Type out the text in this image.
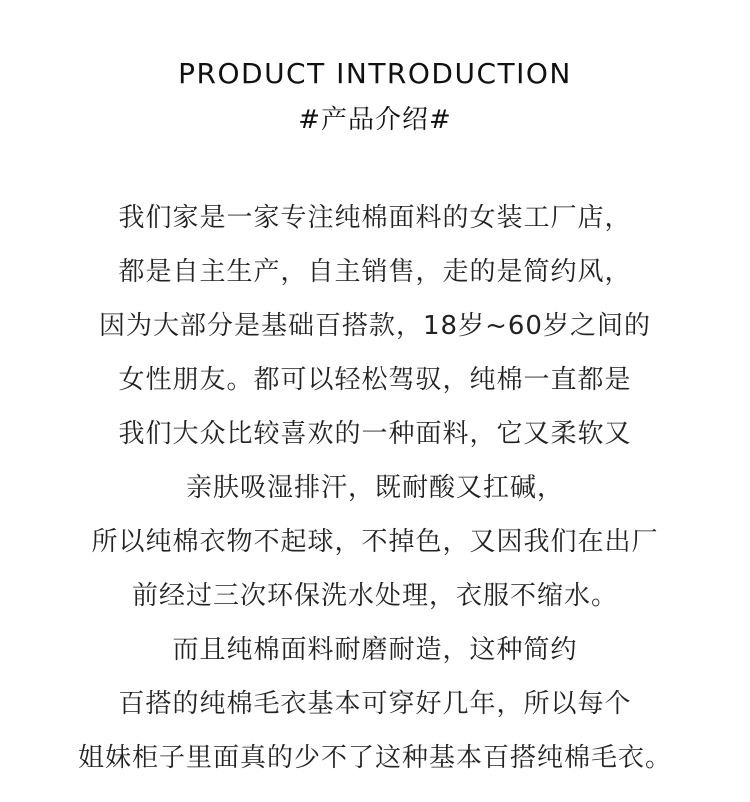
PRODUCT INTRODUCTION
#产品介绍#
我们家是一家专注纯棉面料的女装工厂店，
都是自主生产，自主销售，走的是简约风，
因为大部分是基础百搭款，18岁~60岁之间的
女性朋友。都可以轻松驾驭，纯棉一直都是
我们大众比较喜欢的一种面料，它又柔软又
亲肤吸湿排汗，既耐酸又扛碱，
所以纯棉衣物不起球，不掉色，又因我们在出厂
前经过三次环保洗水处理，衣服不缩水。
而且纯棉面料耐磨耐造，这种简约
百搭的纯棉毛衣基本可穿好几年，所以每个
姐妹柜子里面真的少不了这种基本百搭纯棉毛衣。
